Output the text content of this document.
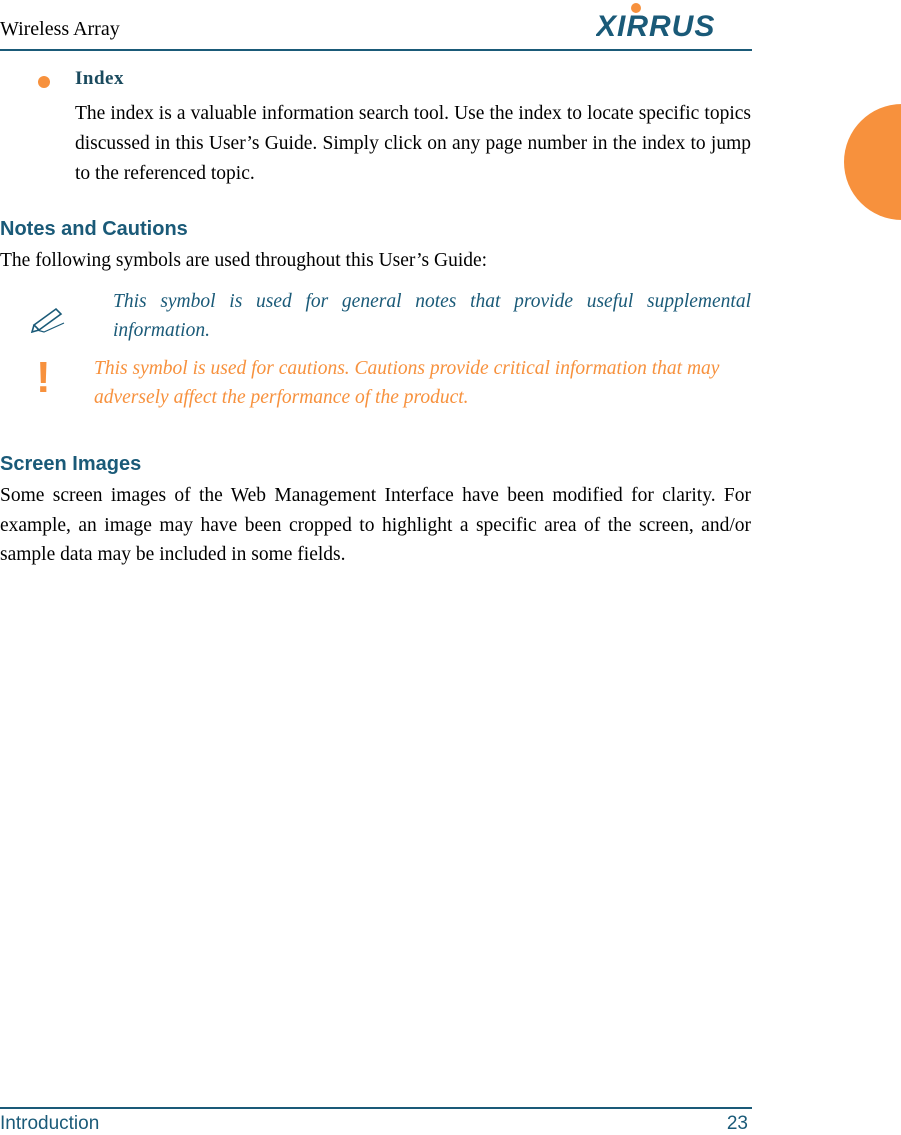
Wireless Array	XIRRUS
Index
The index is a valuable information search tool. Use the index to locate specific topics discussed in this User’s Guide. Simply click on any page number in the index to jump to the referenced topic.
Notes and Cautions
The following symbols are used throughout this User’s Guide:
This symbol is used for general notes that provide useful supplemental information.
! This symbol is used for cautions. Cautions provide critical information that may adversely affect the performance of the product.
Screen Images
Some screen images of the Web Management Interface have been modified for clarity. For example, an image may have been cropped to highlight a specific area of the screen, and/or sample data may be included in some fields.
Introduction	23
